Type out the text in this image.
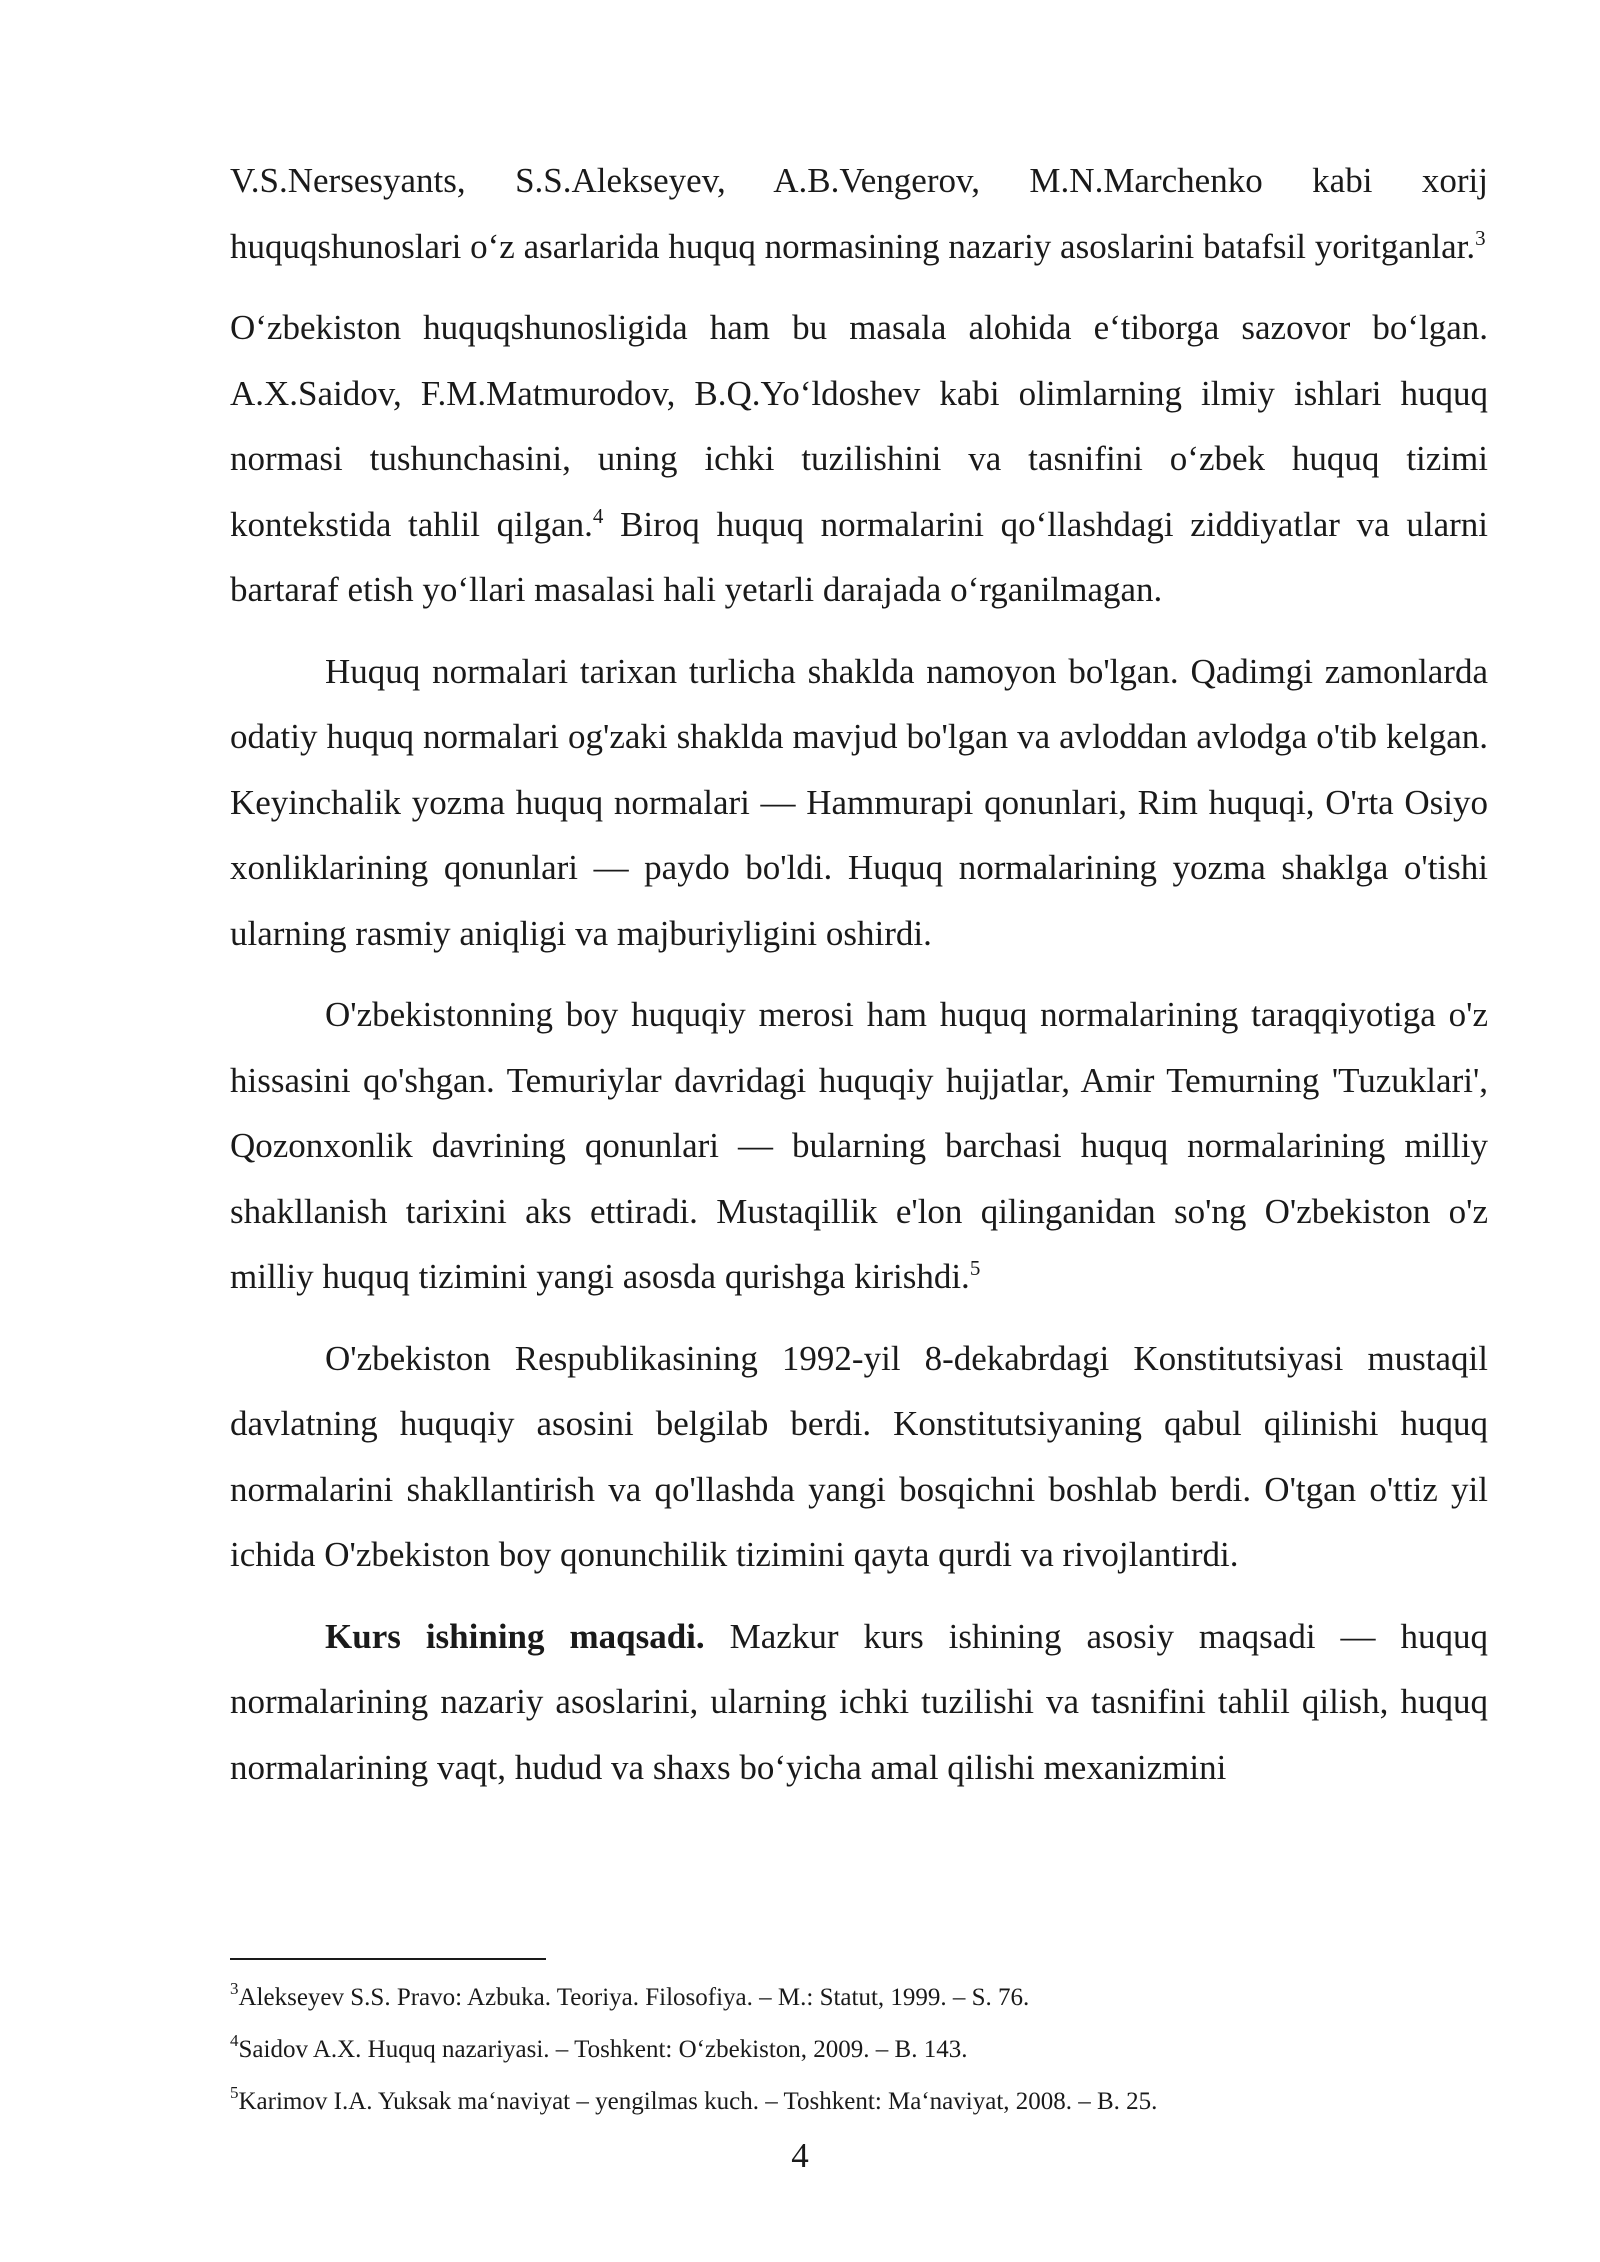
V.S.Nersesyants, S.S.Alekseyev, A.B.Vengerov, M.N.Marchenko kabi xorij huquqshunoslari o‘z asarlarida huquq normasining nazariy asoslarini batafsil yoritganlar.$^3$

O‘zbekiston huquqshunosligida ham bu masala alohida e‘tiborga sazovor bo‘lgan. A.X.Saidov, F.M.Matmurodov, B.Q.Yo‘ldoshev kabi olimlarning ilmiy ishlari huquq normasi tushunchasini, uning ichki tuzilishini va tasnifini o‘zbek huquq tizimi kontekstida tahlil qilgan.$^4$ Biroq huquq normalarini qo‘llashdagi ziddiyatlar va ularni bartaraf etish yo‘llari masalasi hali yetarli darajada o‘rganilmagan.

Huquq normalari tarixan turlicha shaklda namoyon bo'lgan. Qadimgi zamonlarda odatiy huquq normalari og'zaki shaklda mavjud bo'lgan va avloddan avlodga o'tib kelgan. Keyinchalik yozma huquq normalari — Hammurapi qonunlari, Rim huquqi, O'rta Osiyo xonliklarining qonunlari — paydo bo'ldi. Huquq normalarining yozma shaklga o'tishi ularning rasmiy aniqligi va majburiyligini oshirdi.

O'zbekistonning boy huquqiy merosi ham huquq normalarining taraqqiyotiga o'z hissasini qo'shgan. Temuriylar davridagi huquqiy hujjatlar, Amir Temurning 'Tuzuklari', Qozonxonlik davrining qonunlari — bularning barchasi huquq normalarining milliy shakllanish tarixini aks ettiradi. Mustaqillik e'lon qilinganidan so'ng O'zbekiston o'z milliy huquq tizimini yangi asosda qurishga kirishdi.$^5$

O'zbekiston Respublikasining 1992-yil 8-dekabrdagi Konstitutsiyasi mustaqil davlatning huquqiy asosini belgilab berdi. Konstitutsiyaning qabul qilinishi huquq normalarini shakllantirish va qo'llashda yangi bosqichni boshlab berdi. O'tgan o'ttiz yil ichida O'zbekiston boy qonunchilik tizimini qayta qurdi va rivojlantirdi.

Kurs ishining maqsadi. Mazkur kurs ishining asosiy maqsadi — huquq normalarining nazariy asoslarini, ularning ichki tuzilishi va tasnifini tahlil qilish, huquq normalarining vaqt, hudud va shaxs bo‘yicha amal qilishi mexanizmini

$^3$Alekseyev S.S. Pravo: Azbuka. Teoriya. Filosofiya. – M.: Statut, 1999. – S. 76.

$^4$Saidov A.X. Huquq nazariyasi. – Toshkent: O‘zbekiston, 2009. – B. 143.

$^5$Karimov I.A. Yuksak ma‘naviyat – yengilmas kuch. – Toshkent: Ma‘naviyat, 2008. – B. 25.

4
